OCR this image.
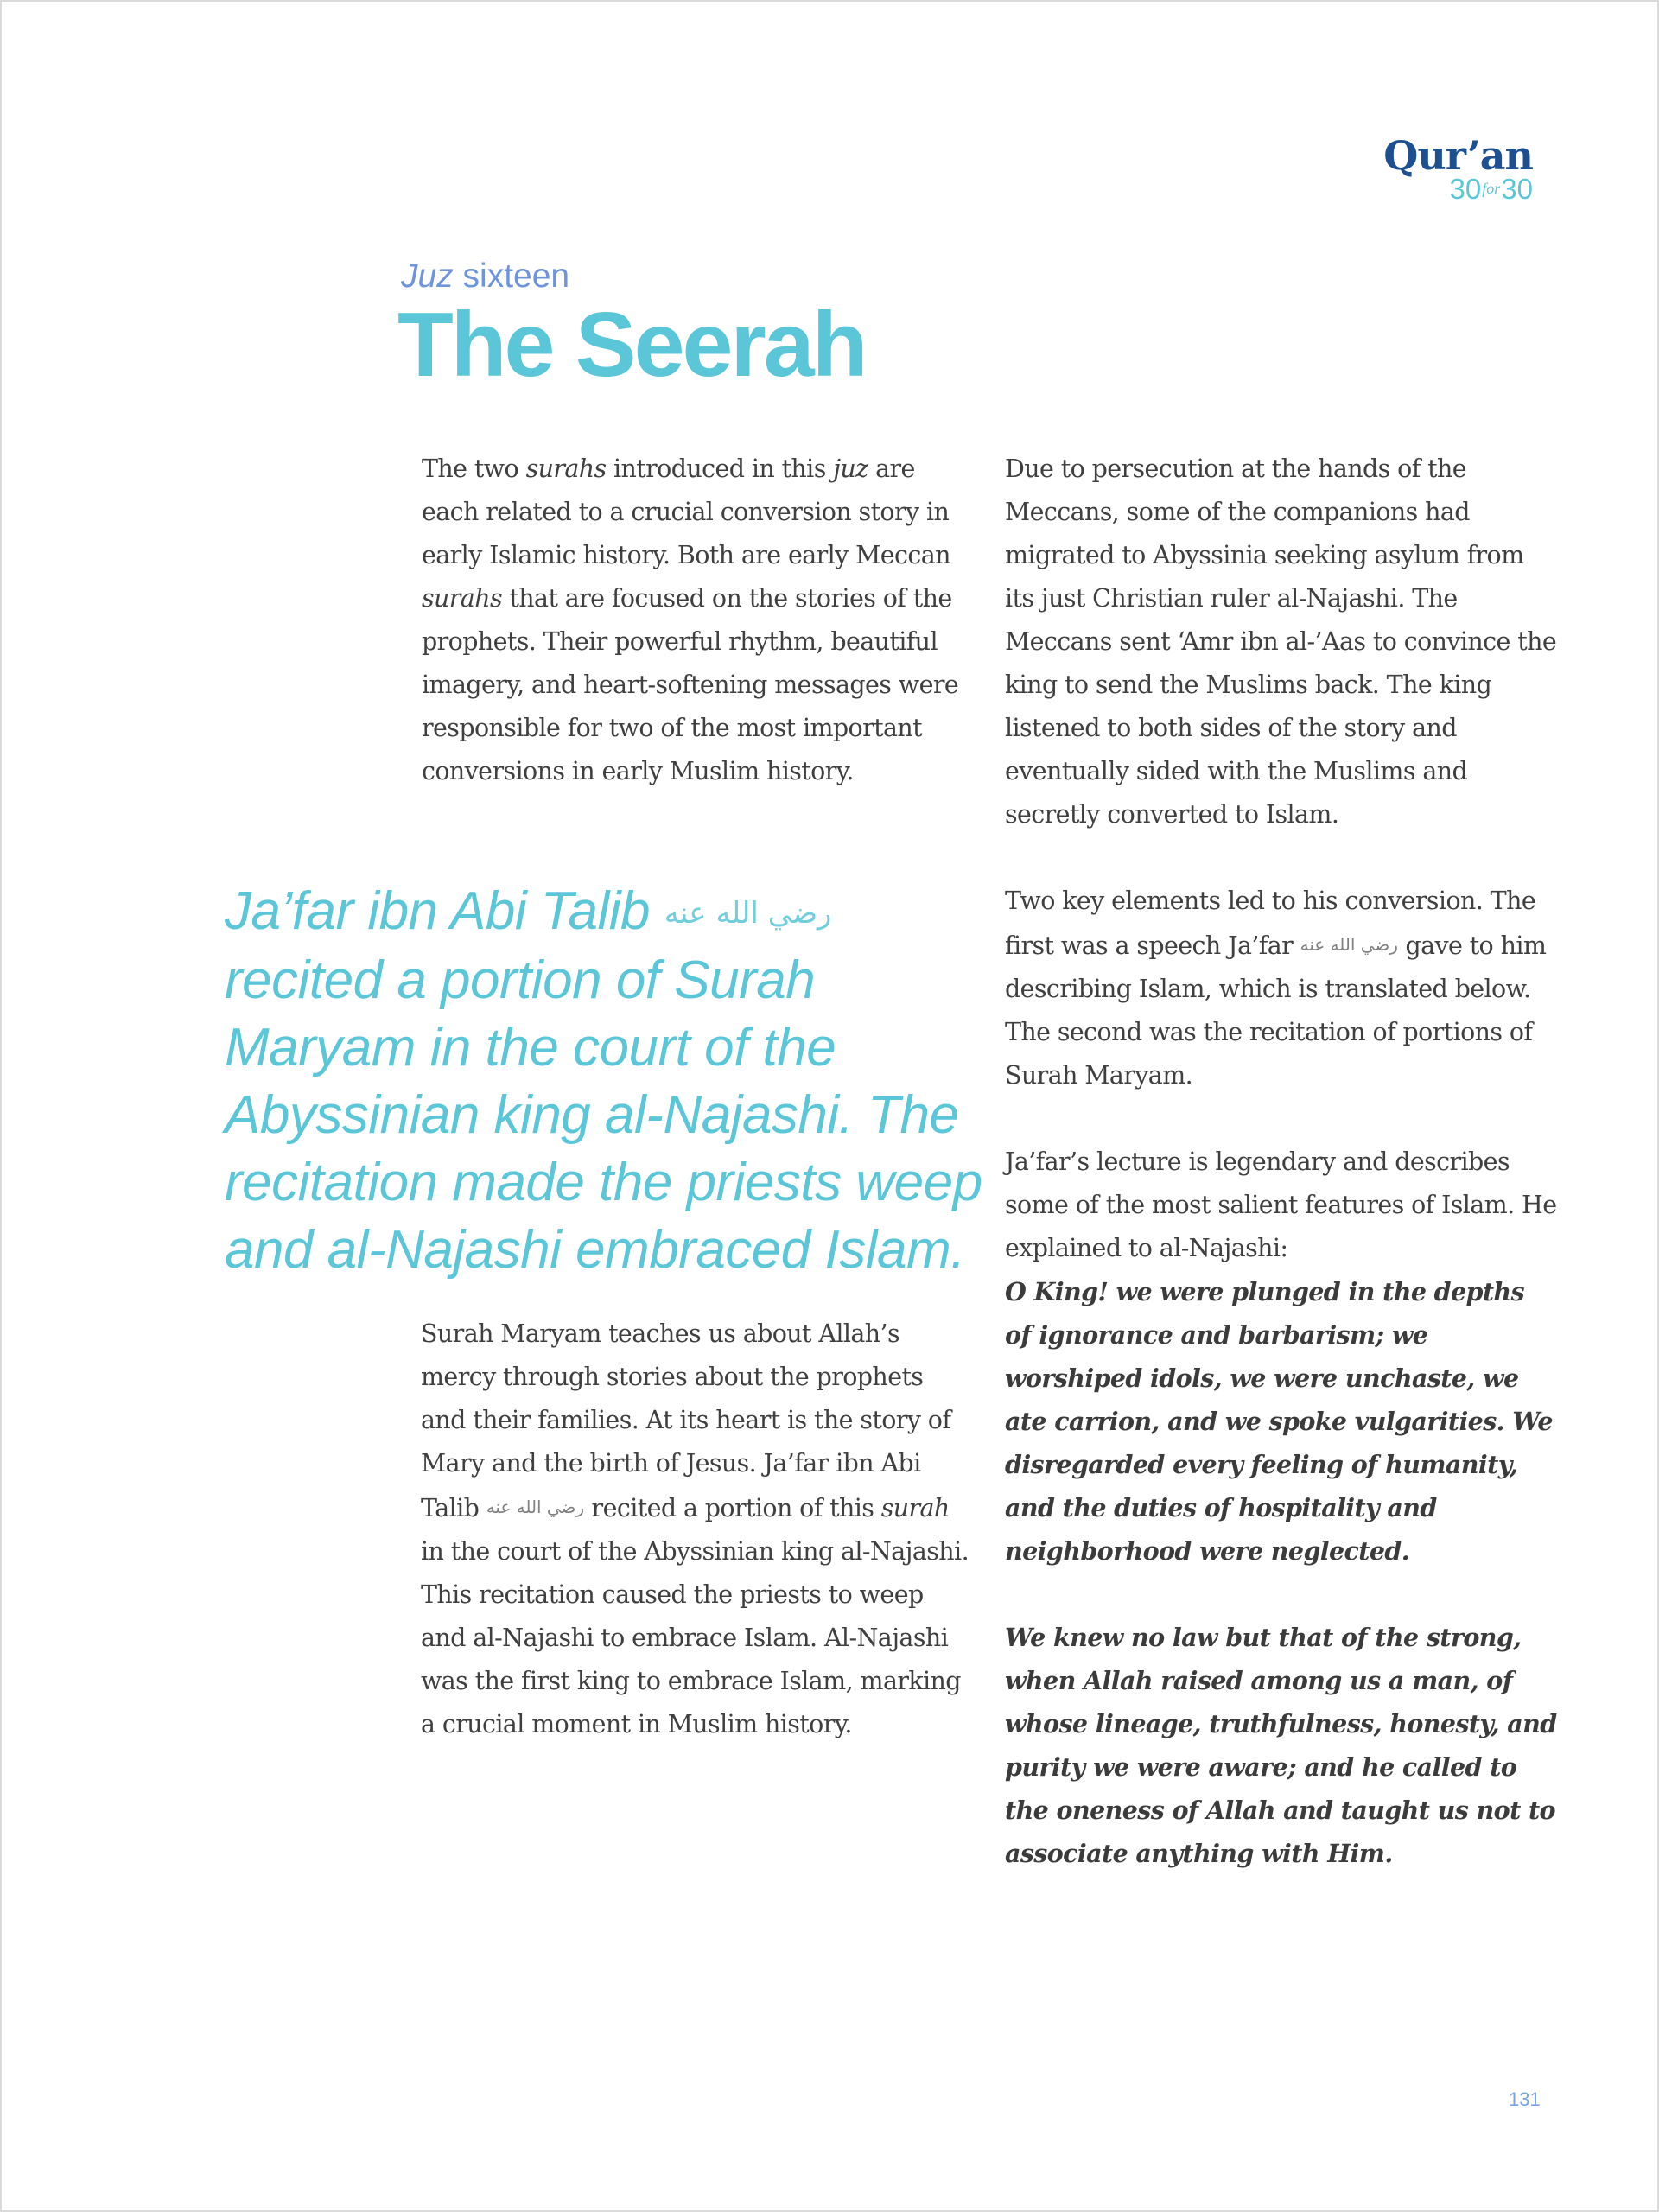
Qur’an
30for30
Juz sixteen
The Seerah

The two surahs introduced in this juz are each related to a crucial conversion story in early Islamic history. Both are early Meccan surahs that are focused on the stories of the prophets. Their powerful rhythm, beautiful imagery, and heart-softening messages were responsible for two of the most important conversions in early Muslim history.

Ja’far ibn Abi Talib رضي الله عنه recited a portion of Surah Maryam in the court of the Abyssinian king al-Najashi. The recitation made the priests weep and al-Najashi embraced Islam.

Surah Maryam teaches us about Allah’s mercy through stories about the prophets and their families. At its heart is the story of Mary and the birth of Jesus. Ja’far ibn Abi Talib رضي الله عنه recited a portion of this surah in the court of the Abyssinian king al-Najashi. This recitation caused the priests to weep and al-Najashi to embrace Islam. Al-Najashi was the first king to embrace Islam, marking a crucial moment in Muslim history.

Due to persecution at the hands of the Meccans, some of the companions had migrated to Abyssinia seeking asylum from its just Christian ruler al-Najashi. The Meccans sent ‘Amr ibn al-’Aas to convince the king to send the Muslims back. The king listened to both sides of the story and eventually sided with the Muslims and secretly converted to Islam.

Two key elements led to his conversion. The first was a speech Ja’far رضي الله عنه gave to him describing Islam, which is translated below. The second was the recitation of portions of Surah Maryam.

Ja’far’s lecture is legendary and describes some of the most salient features of Islam. He explained to al-Najashi:

O King! we were plunged in the depths of ignorance and barbarism; we worshiped idols, we were unchaste, we ate carrion, and we spoke vulgarities. We disregarded every feeling of humanity, and the duties of hospitality and neighborhood were neglected.

We knew no law but that of the strong, when Allah raised among us a man, of whose lineage, truthfulness, honesty, and purity we were aware; and he called to the oneness of Allah and taught us not to associate anything with Him.

131
